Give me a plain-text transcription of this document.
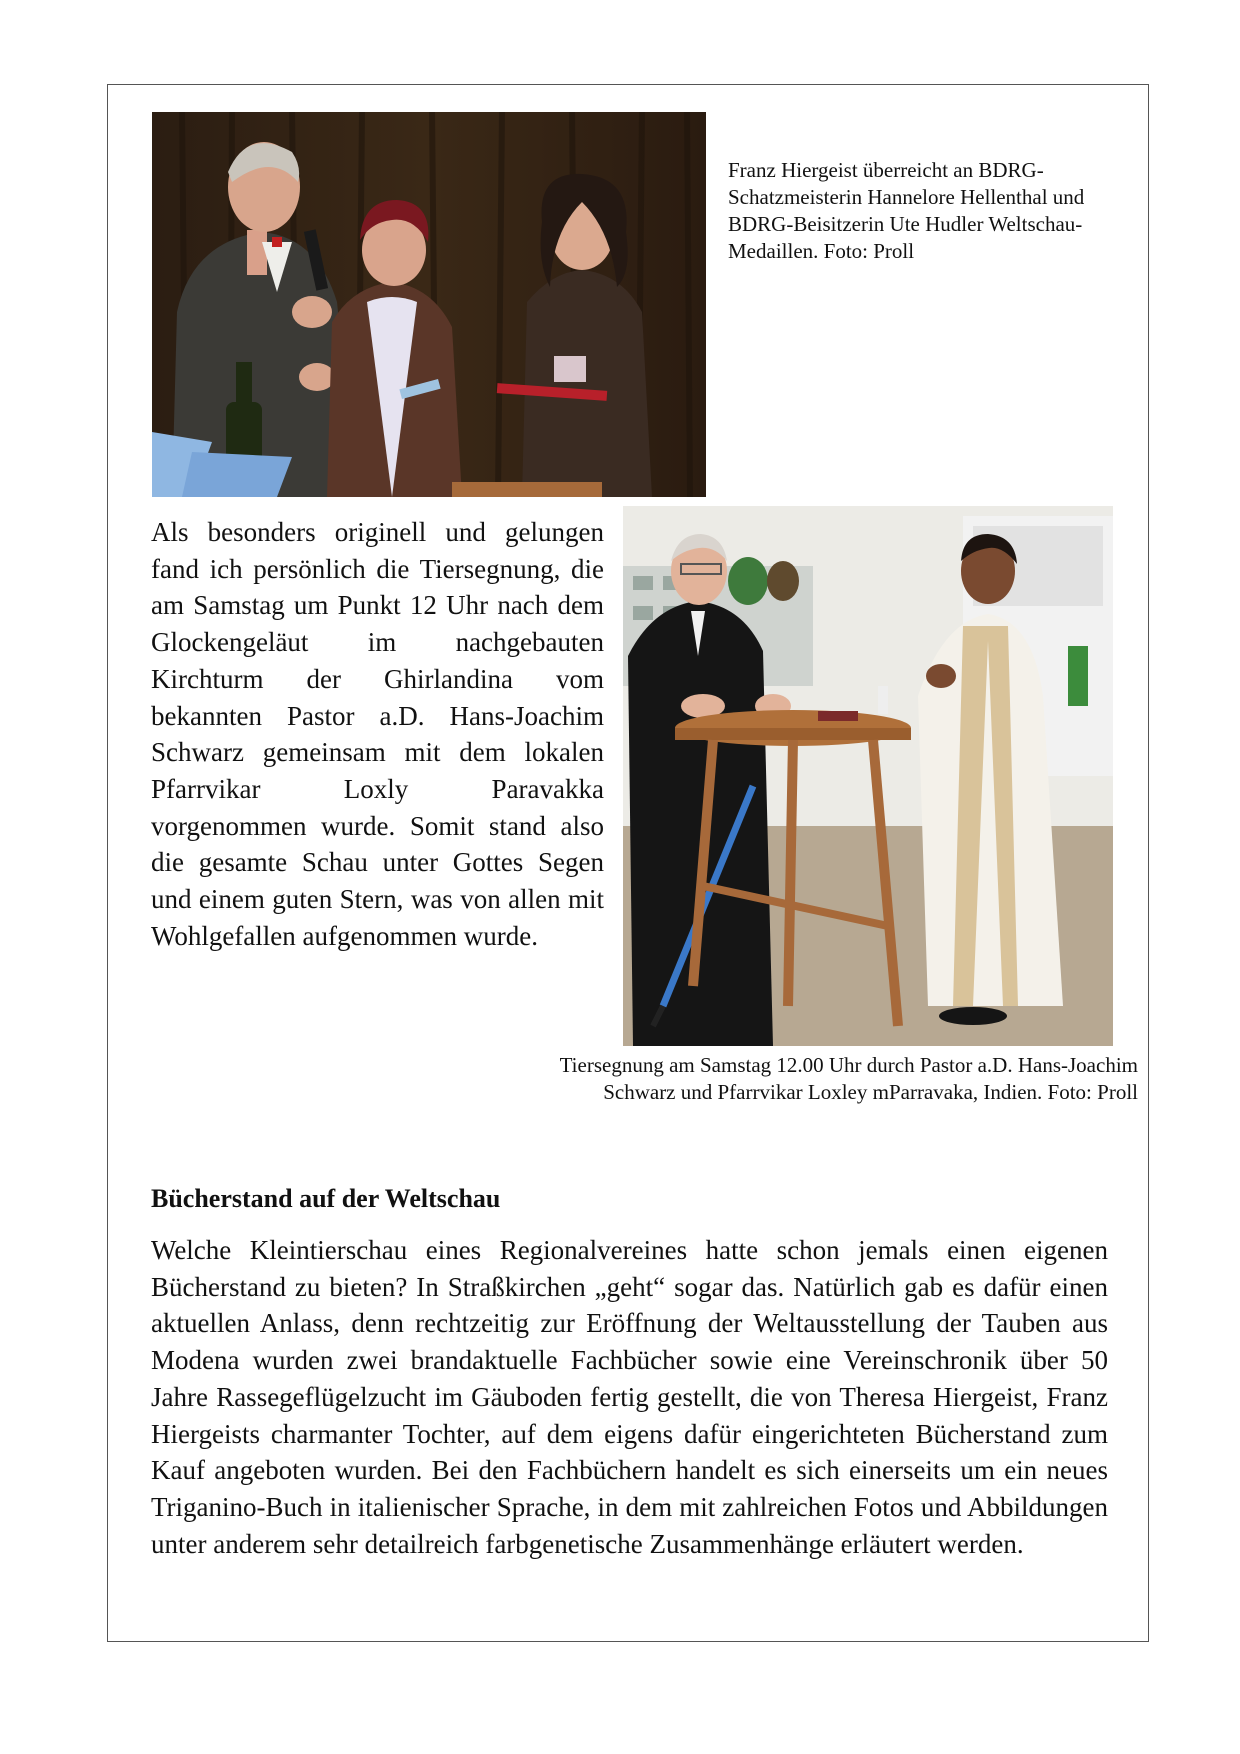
Franz Hiergeist überreicht an BDRG-Schatzmeisterin Hannelore Hellenthal und BDRG-Beisitzerin Ute Hudler Weltschau-Medaillen. Foto: Proll

Als besonders originell und gelungen fand ich persönlich die Tiersegnung, die am Samstag um Punkt 12 Uhr nach dem Glockengeläut im nachgebauten Kirchturm der Ghirlandina vom bekannten Pastor a.D. Hans-Joachim Schwarz gemeinsam mit dem lokalen Pfarrvikar Loxly Paravakka vorgenommen wurde. Somit stand also die gesamte Schau unter Gottes Segen und einem guten Stern, was von allen mit Wohlgefallen aufgenommen wurde.

Tiersegnung am Samstag 12.00 Uhr durch Pastor a.D. Hans-Joachim Schwarz und Pfarrvikar Loxley mParravaka, Indien. Foto: Proll
Bücherstand auf der Weltschau

Welche Kleintierschau eines Regionalvereines hatte schon jemals einen eigenen Bücherstand zu bieten? In Straßkirchen „geht“ sogar das. Natürlich gab es dafür einen aktuellen Anlass, denn rechtzeitig zur Eröffnung der Weltausstellung der Tauben aus Modena wurden zwei brandaktuelle Fachbücher sowie eine Vereinschronik über 50 Jahre Rassegeflügelzucht im Gäuboden fertig gestellt, die von Theresa Hiergeist, Franz Hiergeists charmanter Tochter, auf dem eigens dafür eingerichteten Bücherstand zum Kauf angeboten wurden. Bei den Fachbüchern handelt es sich einerseits um ein neues Triganino-Buch in italienischer Sprache, in dem mit zahlreichen Fotos und Abbildungen unter anderem sehr detailreich farbgenetische Zusammenhänge erläutert werden.
